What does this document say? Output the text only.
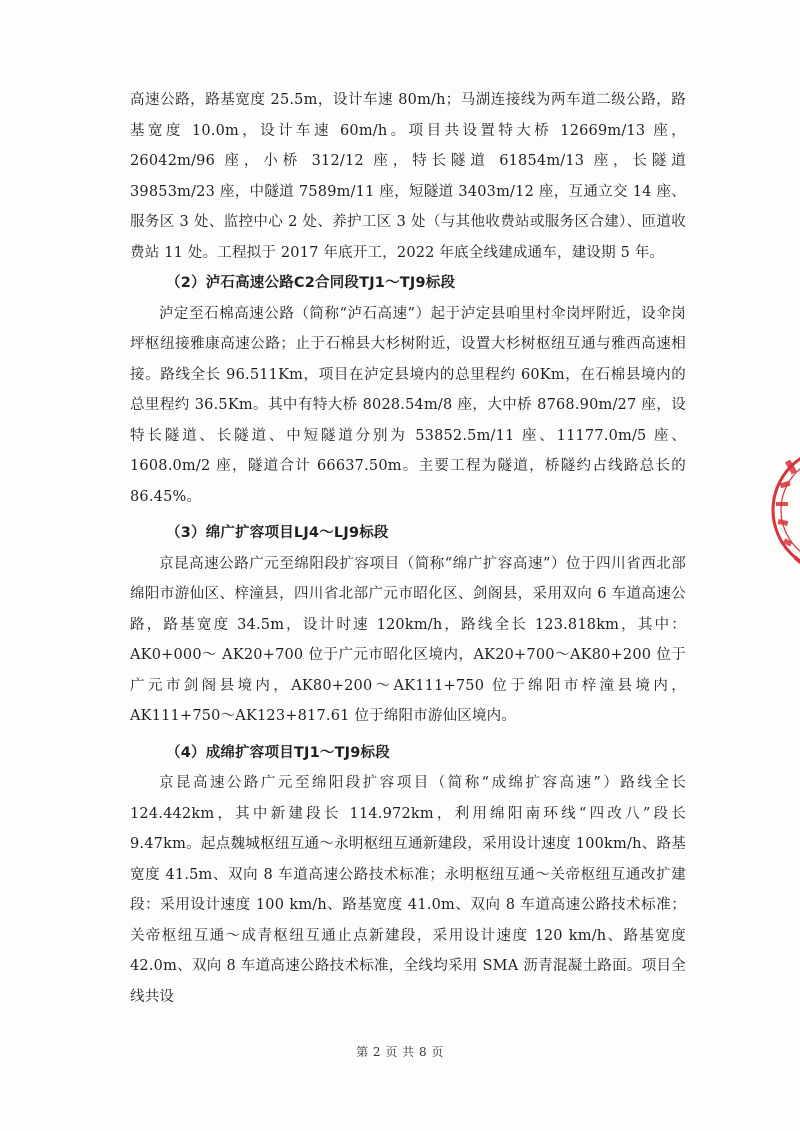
高速公路，路基宽度 25.5m，设计车速 80m/h；马湖连接线为两车道二级公路，路基宽度 10.0m，设计车速 60m/h。项目共设置特大桥 12669m/13 座，26042m/96 座，小桥 312/12 座，特长隧道 61854m/13 座，长隧道 39853m/23 座，中隧道 7589m/11 座，短隧道 3403m/12 座，互通立交 14 座、服务区 3 处、监控中心 2 处、养护工区 3 处（与其他收费站或服务区合建）、匝道收费站 11 处。工程拟于 2017 年底开工，2022 年底全线建成通车，建设期 5 年。

（2）泸石高速公路C2合同段TJ1～TJ9标段

泸定至石棉高速公路（简称“泸石高速”）起于泸定县咱里村伞岗坪附近，设伞岗坪枢纽接雅康高速公路；止于石棉县大杉树附近，设置大杉树枢纽互通与雅西高速相接。路线全长 96.511Km，项目在泸定县境内的总里程约 60Km，在石棉县境内的总里程约 36.5Km。其中有特大桥 8028.54m/8 座，大中桥 8768.90m/27 座，设特长隧道、长隧道、中短隧道分别为 53852.5m/11 座、11177.0m/5 座、1608.0m/2 座，隧道合计 66637.50m。主要工程为隧道，桥隧约占线路总长的 86.45%。

（3）绵广扩容项目LJ4～LJ9标段

京昆高速公路广元至绵阳段扩容项目（简称“绵广扩容高速”）位于四川省西北部绵阳市游仙区、梓潼县，四川省北部广元市昭化区、剑阁县，采用双向 6 车道高速公路，路基宽度 34.5m，设计时速 120km/h，路线全长 123.818km，其中：AK0+000～ AK20+700 位于广元市昭化区境内，AK20+700～AK80+200 位于广元市剑阁县境内，AK80+200～AK111+750 位于绵阳市梓潼县境内，AK111+750～AK123+817.61 位于绵阳市游仙区境内。

（4）成绵扩容项目TJ1～TJ9标段

京昆高速公路广元至绵阳段扩容项目（简称“成绵扩容高速”）路线全长 124.442km，其中新建段长 114.972km，利用绵阳南环线“四改八”段长 9.47km。起点魏城枢纽互通～永明枢纽互通新建段，采用设计速度 100km/h、路基宽度 41.5m、双向 8 车道高速公路技术标准；永明枢纽互通～关帝枢纽互通改扩建段：采用设计速度 100 km/h、路基宽度 41.0m、双向 8 车道高速公路技术标准；关帝枢纽互通～成青枢纽互通止点新建段，采用设计速度 120 km/h、路基宽度 42.0m、双向 8 车道高速公路技术标准，全线均采用 SMA 沥青混凝土路面。项目全线共设

第 2 页 共 8 页
